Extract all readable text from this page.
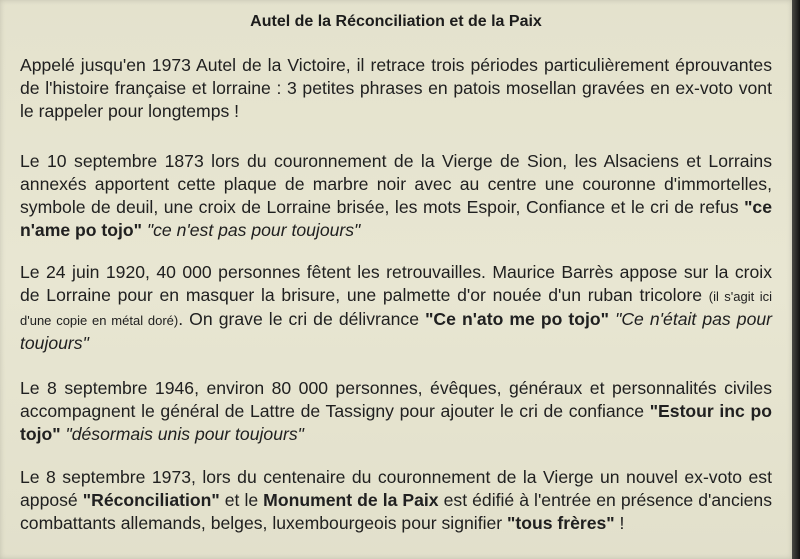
Autel de la Réconciliation et de la Paix
Appelé jusqu'en 1973 Autel de la Victoire, il retrace trois périodes particulièrement éprouvantes de l'histoire française et lorraine : 3 petites phrases en patois mosellan gravées en ex-voto vont le rappeler pour longtemps !
Le 10 septembre 1873 lors du couronnement de la Vierge de Sion, les Alsaciens et Lorrains annexés apportent cette plaque de marbre noir avec au centre une couronne d'immortelles, symbole de deuil, une croix de Lorraine brisée, les mots Espoir, Confiance et le cri de refus "ce n'ame po tojo" "ce n'est pas pour toujours"
Le 24 juin 1920, 40 000 personnes fêtent les retrouvailles. Maurice Barrès appose sur la croix de Lorraine pour en masquer la brisure, une palmette d'or nouée d'un ruban tricolore (il s'agit ici d'une copie en métal doré). On grave le cri de délivrance "Ce n'ato me po tojo" "Ce n'était pas pour toujours"
Le 8 septembre 1946, environ 80 000 personnes, évêques, généraux et personnalités civiles accompagnent le général de Lattre de Tassigny pour ajouter le cri de confiance "Estour inc po tojo" "désormais unis pour toujours"
Le 8 septembre 1973, lors du centenaire du couronnement de la Vierge un nouvel ex-voto est apposé "Réconciliation" et le Monument de la Paix est édifié à l'entrée en présence d'anciens combattants allemands, belges, luxembourgeois pour signifier "tous frères" !
